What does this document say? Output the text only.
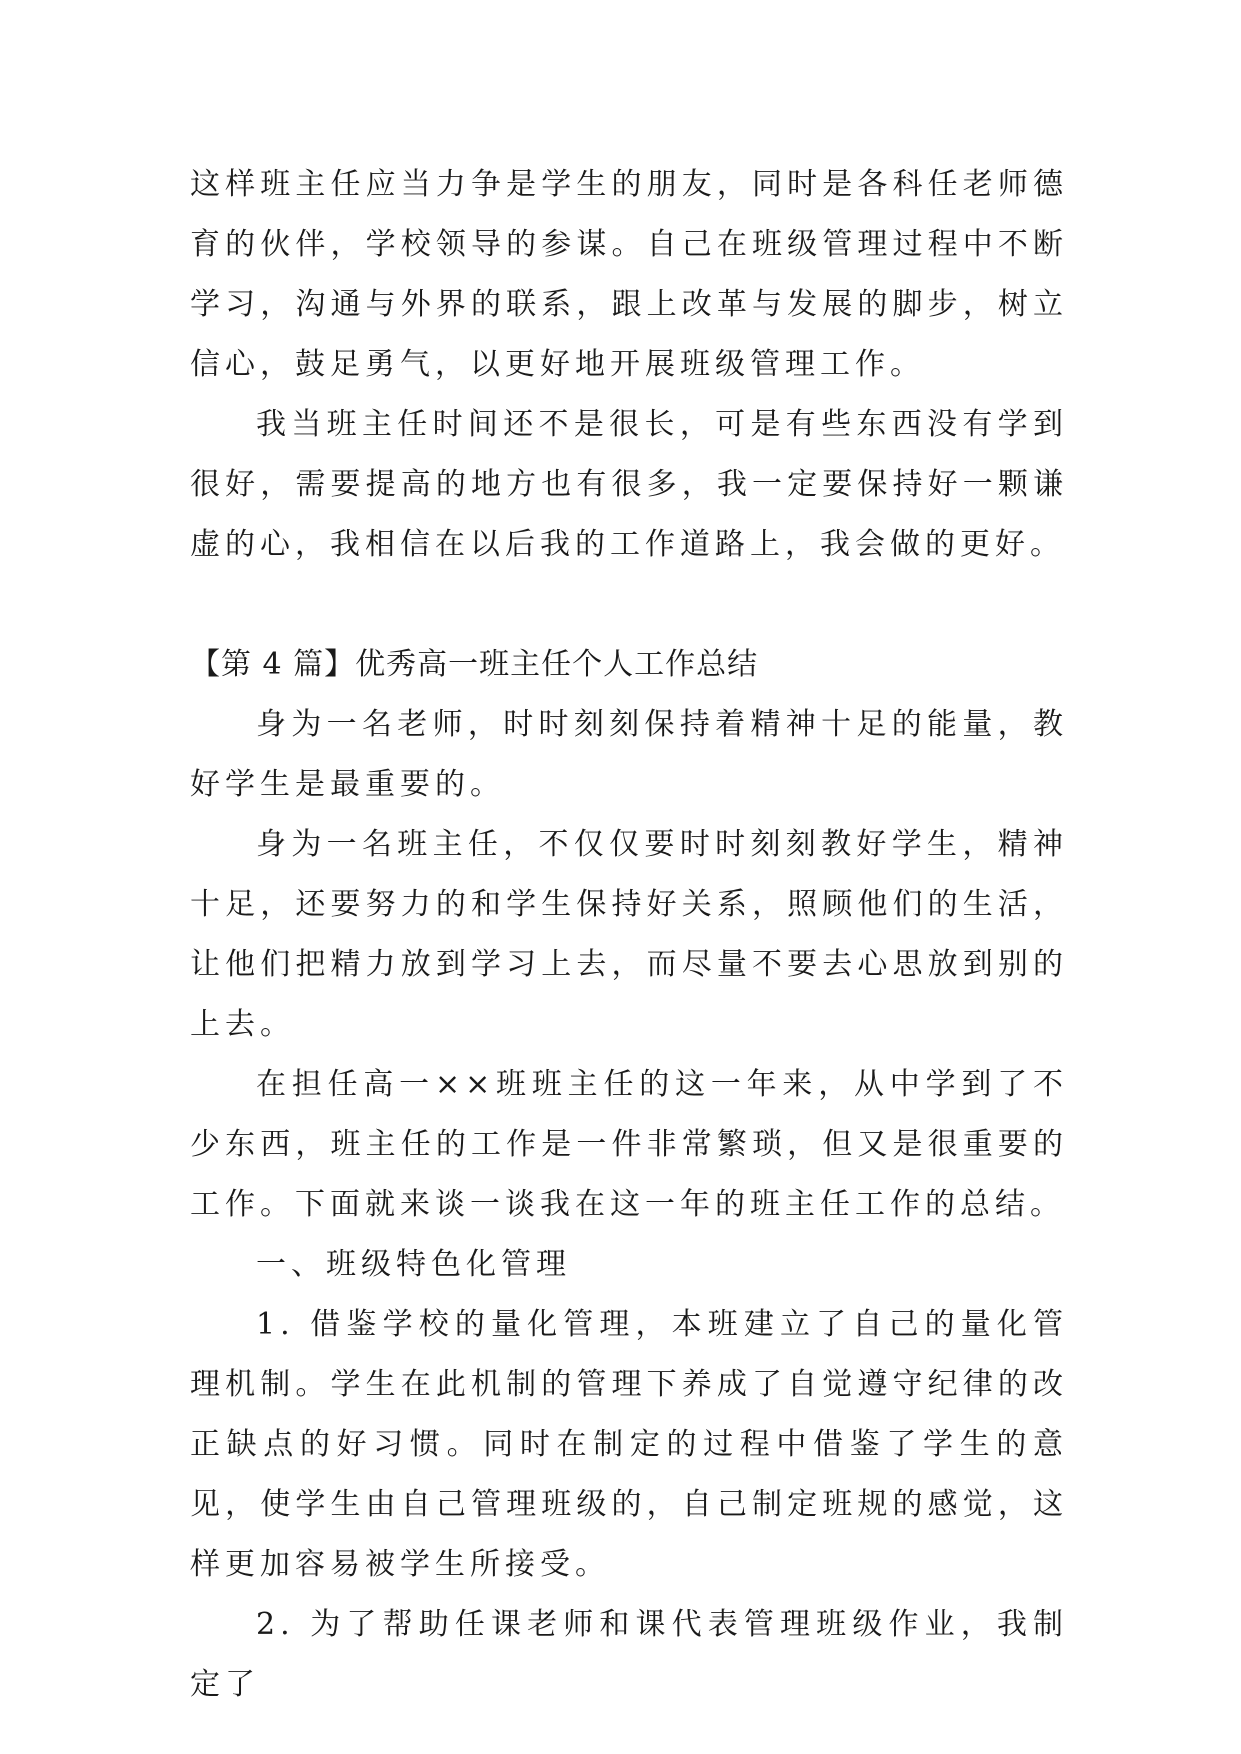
这样班主任应当力争是学生的朋友，同时是各科任老师德育的伙伴，学校领导的参谋。自己在班级管理过程中不断学习，沟通与外界的联系，跟上改革与发展的脚步，树立信心，鼓足勇气，以更好地开展班级管理工作。

我当班主任时间还不是很长，可是有些东西没有学到很好，需要提高的地方也有很多，我一定要保持好一颗谦虚的心，我相信在以后我的工作道路上，我会做的更好。

【第 4 篇】优秀高一班主任个人工作总结

身为一名老师，时时刻刻保持着精神十足的能量，教好学生是最重要的。

身为一名班主任，不仅仅要时时刻刻教好学生，精神十足，还要努力的和学生保持好关系，照顾他们的生活，让他们把精力放到学习上去，而尽量不要去心思放到别的上去。

在担任高一××班班主任的这一年来，从中学到了不少东西，班主任的工作是一件非常繁琐，但又是很重要的工作。下面就来谈一谈我在这一年的班主任工作的总结。

一、班级特色化管理

1. 借鉴学校的量化管理，本班建立了自己的量化管理机制。学生在此机制的管理下养成了自觉遵守纪律的改正缺点的好习惯。同时在制定的过程中借鉴了学生的意见，使学生由自己管理班级的，自己制定班规的感觉，这样更加容易被学生所接受。

2. 为了帮助任课老师和课代表管理班级作业，我制定了
